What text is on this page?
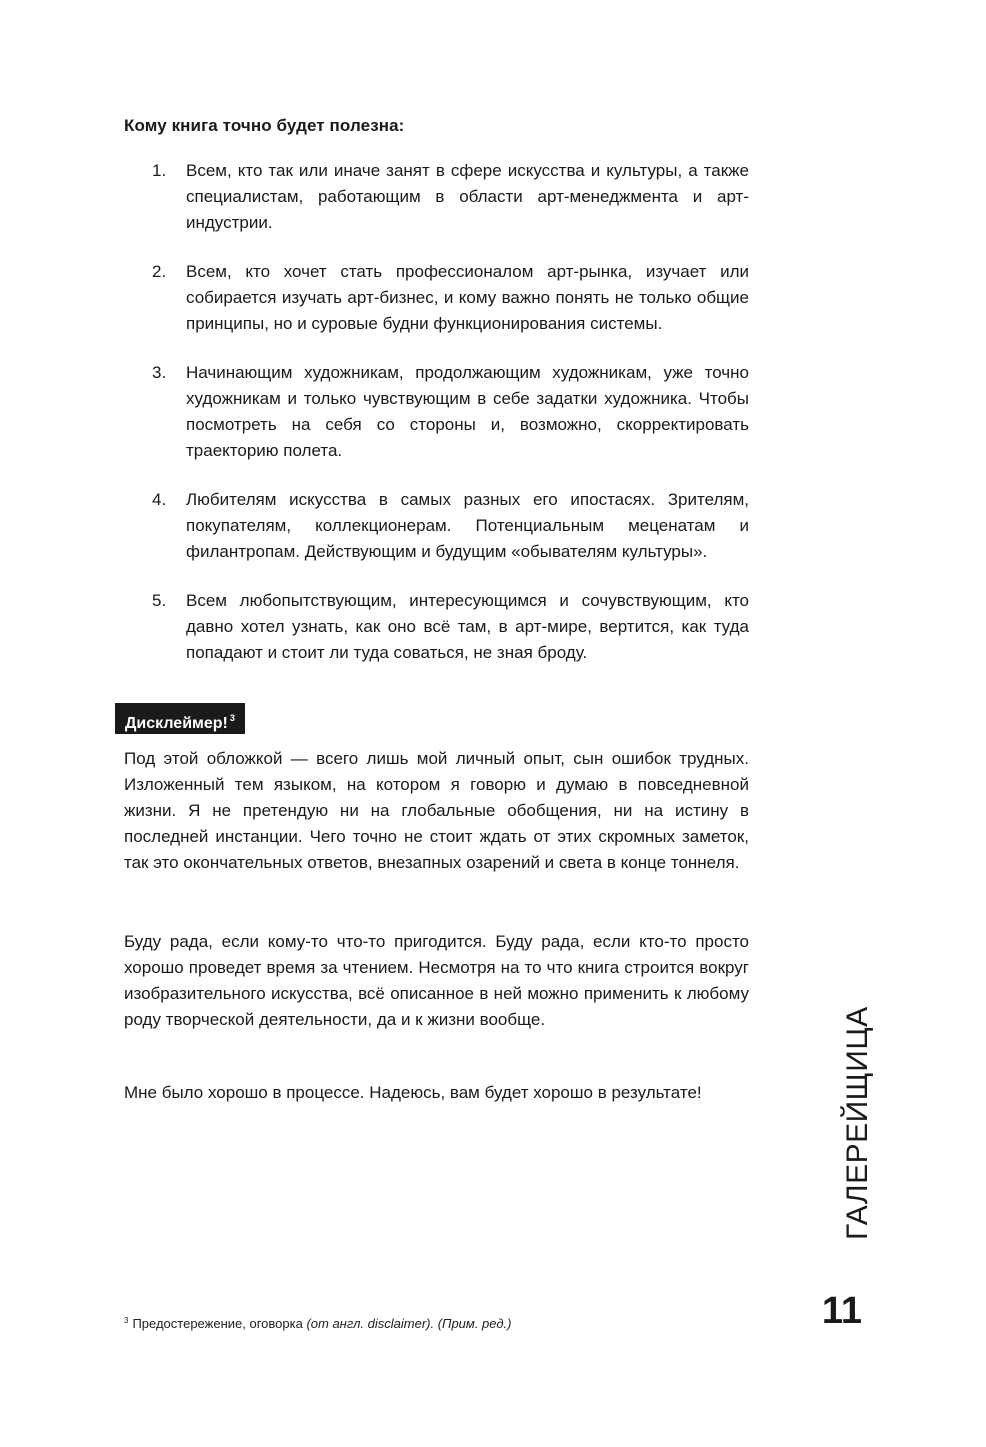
Кому книга точно будет полезна:
1.	Всем, кто так или иначе занят в сфере искусства и культуры, а также специалистам, работающим в области арт-менеджмента и арт-индустрии.
2.	Всем, кто хочет стать профессионалом арт-рынка, изучает или собирается изучать арт-бизнес, и кому важно понять не только общие принципы, но и суровые будни функционирования системы.
3.	Начинающим художникам, продолжающим художникам, уже точно художникам и только чувствующим в себе задатки художника. Чтобы посмотреть на себя со стороны и, возможно, скорректировать траекторию полета.
4.	Любителям искусства в самых разных его ипостасях. Зрителям, покупателям, коллекционерам. Потенциальным меценатам и филантропам. Действующим и будущим «обывателям культуры».
5.	Всем любопытствующим, интересующимся и сочувствующим, кто давно хотел узнать, как оно всё там, в арт-мире, вертится, как туда попадают и стоит ли туда соваться, не зная броду.
Дисклеймер! $^3$

Под этой обложкой — всего лишь мой личный опыт, сын ошибок трудных. Изложенный тем языком, на котором я говорю и думаю в повседневной жизни. Я не претендую ни на глобальные обобщения, ни на истину в последней инстанции. Чего точно не стоит ждать от этих скромных заметок, так это окончательных ответов, внезапных озарений и света в конце тоннеля.

Буду рада, если кому-то что-то пригодится. Буду рада, если кто-то просто хорошо проведет время за чтением. Несмотря на то что книга строится вокруг изобразительного искусства, всё описанное в ней можно применить к любому роду творческой деятельности, да и к жизни вообще.

Мне было хорошо в процессе. Надеюсь, вам будет хорошо в результате!

$^3$ Предостережение, оговорка (от англ. disclaimer). (Прим. ред.)
ГАЛЕРЕЙЩИЦА
11
